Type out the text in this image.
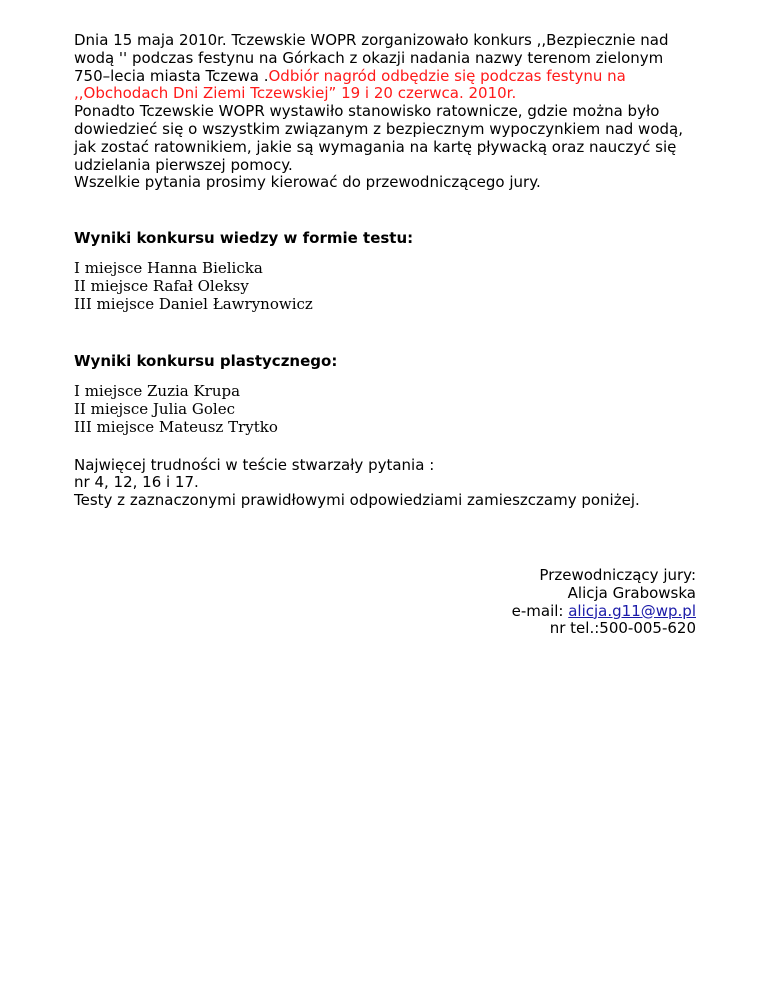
Dnia 15 maja 2010r. Tczewskie WOPR zorganizowało konkurs ,,Bezpiecznie nad wodą '' podczas festynu na Górkach z okazji nadania nazwy terenom zielonym 750–lecia miasta Tczewa .Odbiór nagród odbędzie się podczas festynu na ,,Obchodach Dni Ziemi Tczewskiej” 19 i 20 czerwca. 2010r.
Ponadto Tczewskie WOPR wystawiło stanowisko ratownicze, gdzie można było dowiedzieć się o wszystkim związanym z bezpiecznym wypoczynkiem nad wodą, jak zostać ratownikiem, jakie są wymagania na kartę pływacką oraz nauczyć się udzielania pierwszej pomocy.
Wszelkie pytania prosimy kierować do przewodniczącego jury.

Wyniki konkursu wiedzy w formie testu:

I miejsce Hanna Bielicka
II miejsce Rafał Oleksy
III miejsce Daniel Ławrynowicz

Wyniki konkursu plastycznego:

I miejsce Zuzia Krupa
II miejsce Julia Golec
III miejsce Mateusz Trytko
Najwięcej trudności w teście stwarzały pytania :
nr 4, 12, 16 i 17.
Testy z zaznaczonymi prawidłowymi odpowiedziami zamieszczamy poniżej.
Przewodniczący jury:
Alicja Grabowska
e-mail: alicja.g11@wp.pl
nr tel.:500-005-620
